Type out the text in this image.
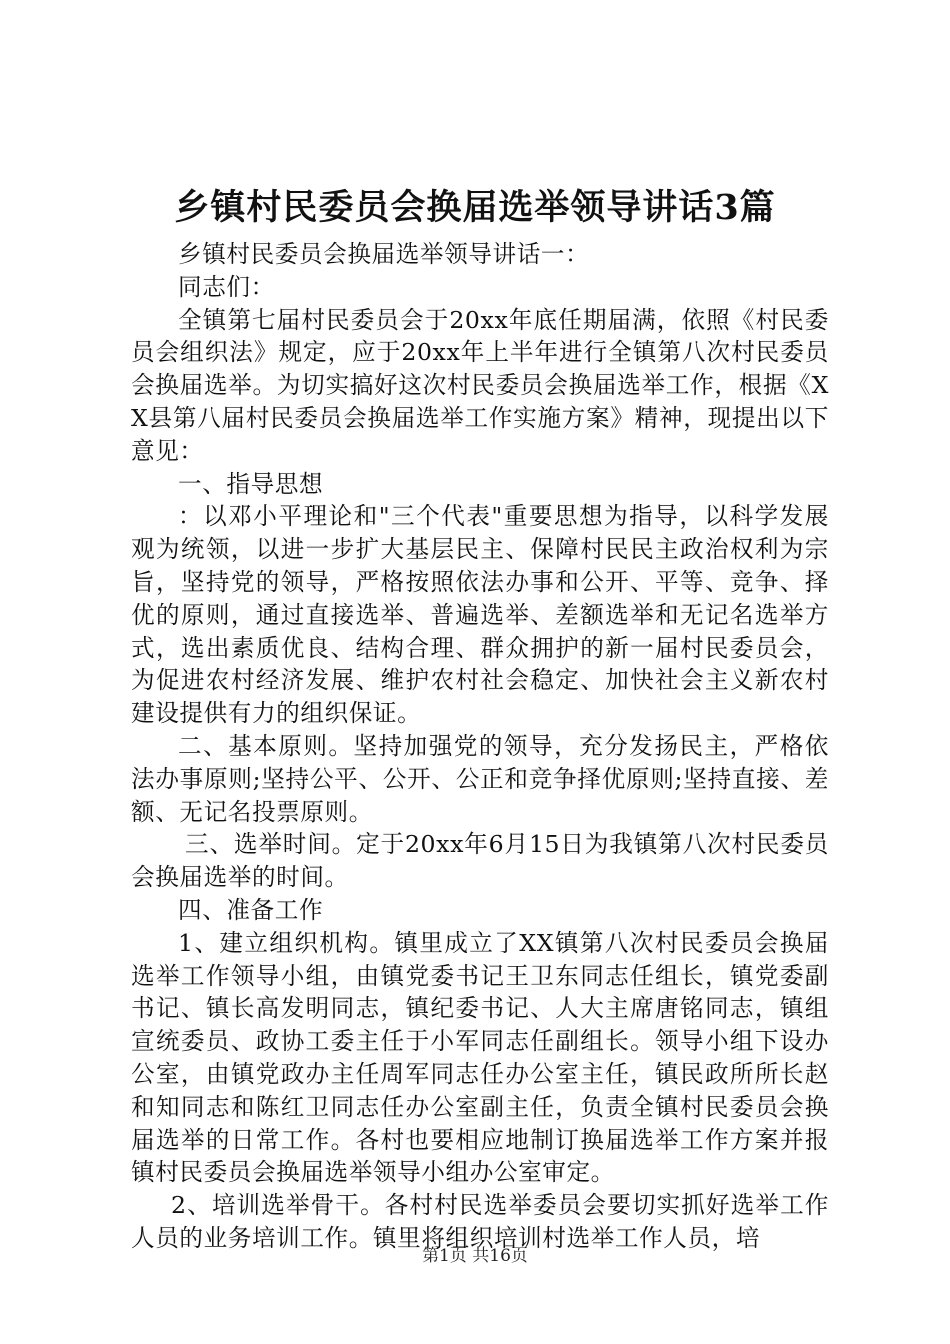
乡镇村民委员会换届选举领导讲话3篇

乡镇村民委员会换届选举领导讲话一：

同志们：

全镇第七届村民委员会于20xx年底任期届满，依照《村民委员会组织法》规定，应于20xx年上半年进行全镇第八次村民委员会换届选举。为切实搞好这次村民委员会换届选举工作，根据《XX县第八届村民委员会换届选举工作实施方案》精神，现提出以下意见：

一、指导思想

：以邓小平理论和"三个代表"重要思想为指导，以科学发展观为统领，以进一步扩大基层民主、保障村民民主政治权利为宗旨，坚持党的领导，严格按照依法办事和公开、平等、竞争、择优的原则，通过直接选举、普遍选举、差额选举和无记名选举方式，选出素质优良、结构合理、群众拥护的新一届村民委员会，为促进农村经济发展、维护农村社会稳定、加快社会主义新农村建设提供有力的组织保证。

二、基本原则。坚持加强党的领导，充分发扬民主，严格依法办事原则;坚持公平、公开、公正和竞争择优原则;坚持直接、差额、无记名投票原则。

三、选举时间。定于20xx年6月15日为我镇第八次村民委员会换届选举的时间。

四、准备工作

1、建立组织机构。镇里成立了XX镇第八次村民委员会换届选举工作领导小组，由镇党委书记王卫东同志任组长，镇党委副书记、镇长高发明同志，镇纪委书记、人大主席唐铭同志，镇组宣统委员、政协工委主任于小军同志任副组长。领导小组下设办公室，由镇党政办主任周军同志任办公室主任，镇民政所所长赵和知同志和陈红卫同志任办公室副主任，负责全镇村民委员会换届选举的日常工作。各村也要相应地制订换届选举工作方案并报镇村民委员会换届选举领导小组办公室审定。

2、培训选举骨干。各村村民选举委员会要切实抓好选举工作人员的业务培训工作。镇里将组织培训村选举工作人员，培

第1页 共16页
